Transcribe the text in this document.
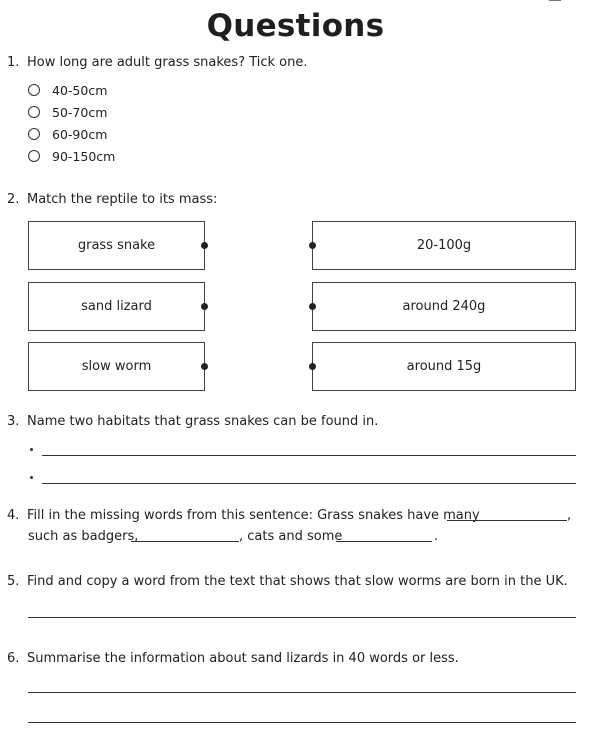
Questions
1. How long are adult grass snakes? Tick one.
40-50cm
50-70cm
60-90cm
90-150cm
2. Match the reptile to its mass:
grass snake	20-100g
sand lizard	around 240g
slow worm	around 15g
3. Name two habitats that grass snakes can be found in.
4. Fill in the missing words from this sentence: Grass snakes have many	,
such as badgers,	, cats and some	.
5. Find and copy a word from the text that shows that slow worms are born in the UK.
6. Summarise the information about sand lizards in 40 words or less.
